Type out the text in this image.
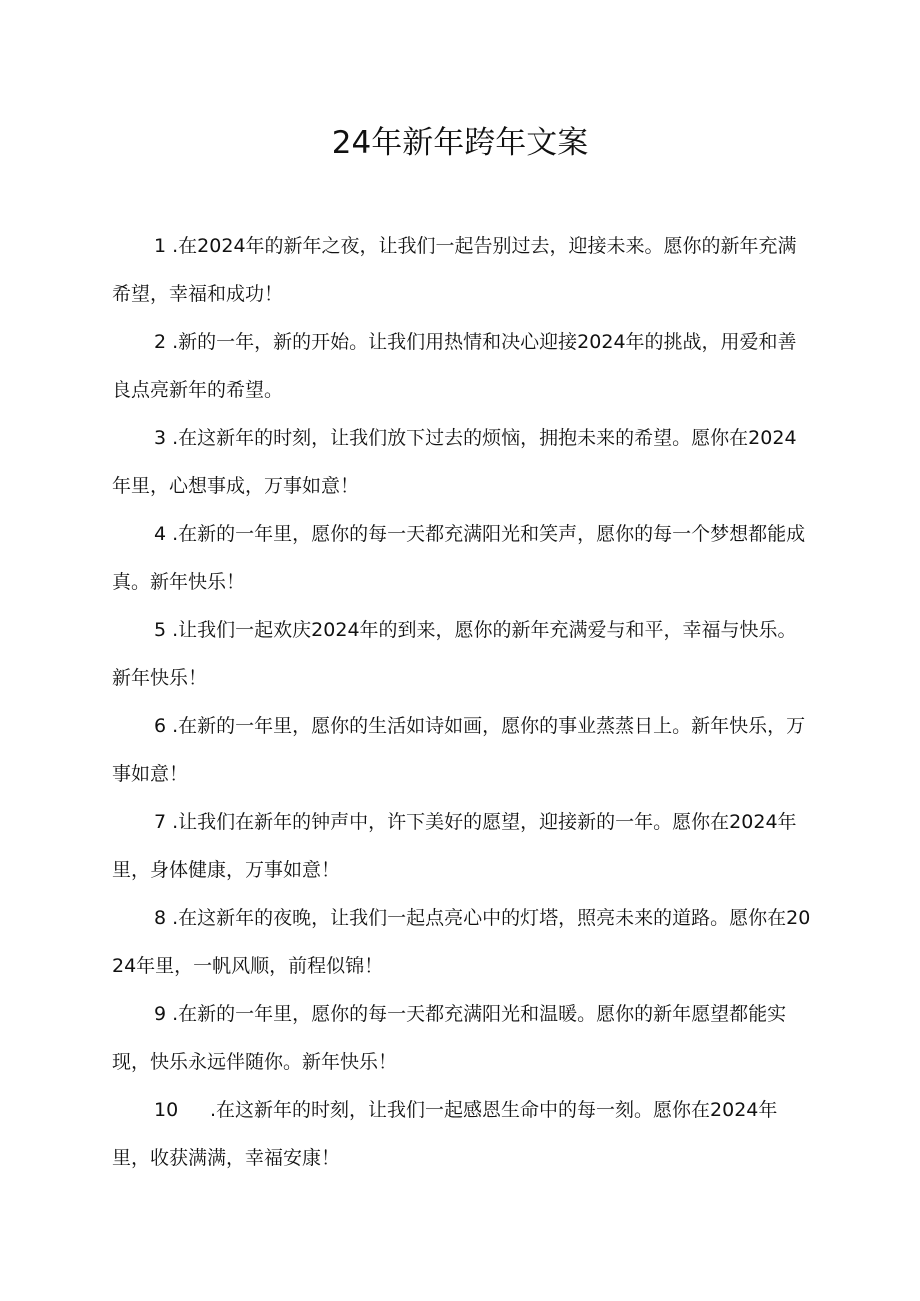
24年新年跨年文案

1 .在2024年的新年之夜，让我们一起告别过去，迎接未来。愿你的新年充满希望，幸福和成功！

2 .新的一年，新的开始。让我们用热情和决心迎接2024年的挑战，用爱和善良点亮新年的希望。

3 .在这新年的时刻，让我们放下过去的烦恼，拥抱未来的希望。愿你在2024年里，心想事成，万事如意！

4 .在新的一年里，愿你的每一天都充满阳光和笑声，愿你的每一个梦想都能成真。新年快乐！

5 .让我们一起欢庆2024年的到来，愿你的新年充满爱与和平，幸福与快乐。新年快乐！

6 .在新的一年里，愿你的生活如诗如画，愿你的事业蒸蒸日上。新年快乐，万事如意！

7 .让我们在新年的钟声中，许下美好的愿望，迎接新的一年。愿你在2024年里，身体健康，万事如意！

8 .在这新年的夜晚，让我们一起点亮心中的灯塔，照亮未来的道路。愿你在2024年里，一帆风顺，前程似锦！

9 .在新的一年里，愿你的每一天都充满阳光和温暖。愿你的新年愿望都能实现，快乐永远伴随你。新年快乐！

10 .在这新年的时刻，让我们一起感恩生命中的每一刻。愿你在2024年里，收获满满，幸福安康！
